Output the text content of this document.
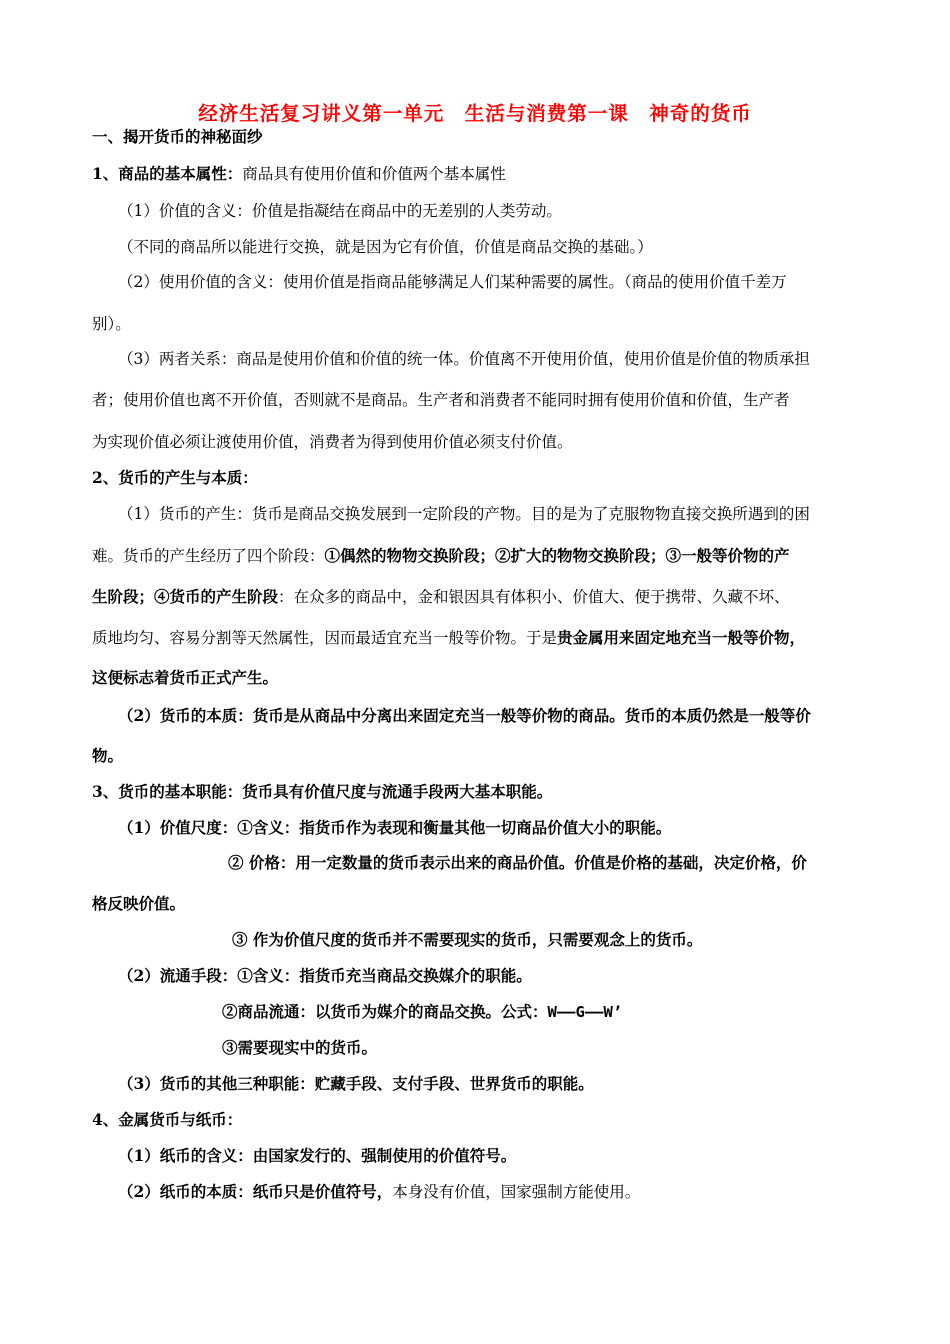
经济生活复习讲义第一单元　生活与消费第一课　神奇的货币
一、揭开货币的神秘面纱
1、商品的基本属性：商品具有使用价值和价值两个基本属性
（1）价值的含义：价值是指凝结在商品中的无差别的人类劳动。
（不同的商品所以能进行交换，就是因为它有价值，价值是商品交换的基础。）
（2）使用价值的含义：使用价值是指商品能够满足人们某种需要的属性。（商品的使用价值千差万
别）。
（3）两者关系：商品是使用价值和价值的统一体。价值离不开使用价值，使用价值是价值的物质承担
者；使用价值也离不开价值，否则就不是商品。生产者和消费者不能同时拥有使用价值和价值，生产者
为实现价值必须让渡使用价值，消费者为得到使用价值必须支付价值。
2、货币的产生与本质：
（1）货币的产生：货币是商品交换发展到一定阶段的产物。目的是为了克服物物直接交换所遇到的困
难。货币的产生经历了四个阶段：①偶然的物物交换阶段；②扩大的物物交换阶段；③一般等价物的产
生阶段；④货币的产生阶段：在众多的商品中，金和银因具有体积小、价值大、便于携带、久藏不坏、
质地均匀、容易分割等天然属性，因而最适宜充当一般等价物。于是贵金属用来固定地充当一般等价物，
这便标志着货币正式产生。
（2）货币的本质：货币是从商品中分离出来固定充当一般等价物的商品。货币的本质仍然是一般等价
物。
3、货币的基本职能：货币具有价值尺度与流通手段两大基本职能。
（1）价值尺度：①含义：指货币作为表现和衡量其他一切商品价值大小的职能。
② 价格：用一定数量的货币表示出来的商品价值。价值是价格的基础，决定价格，价
格反映价值。
③ 作为价值尺度的货币并不需要现实的货币，只需要观念上的货币。
（2）流通手段：①含义：指货币充当商品交换媒介的职能。
②商品流通：以货币为媒介的商品交换。公式：W——G——W’
③需要现实中的货币。
（3）货币的其他三种职能：贮藏手段、支付手段、世界货币的职能。
4、金属货币与纸币：
（1）纸币的含义：由国家发行的、强制使用的价值符号。
（2）纸币的本质：纸币只是价值符号，本身没有价值，国家强制方能使用。
